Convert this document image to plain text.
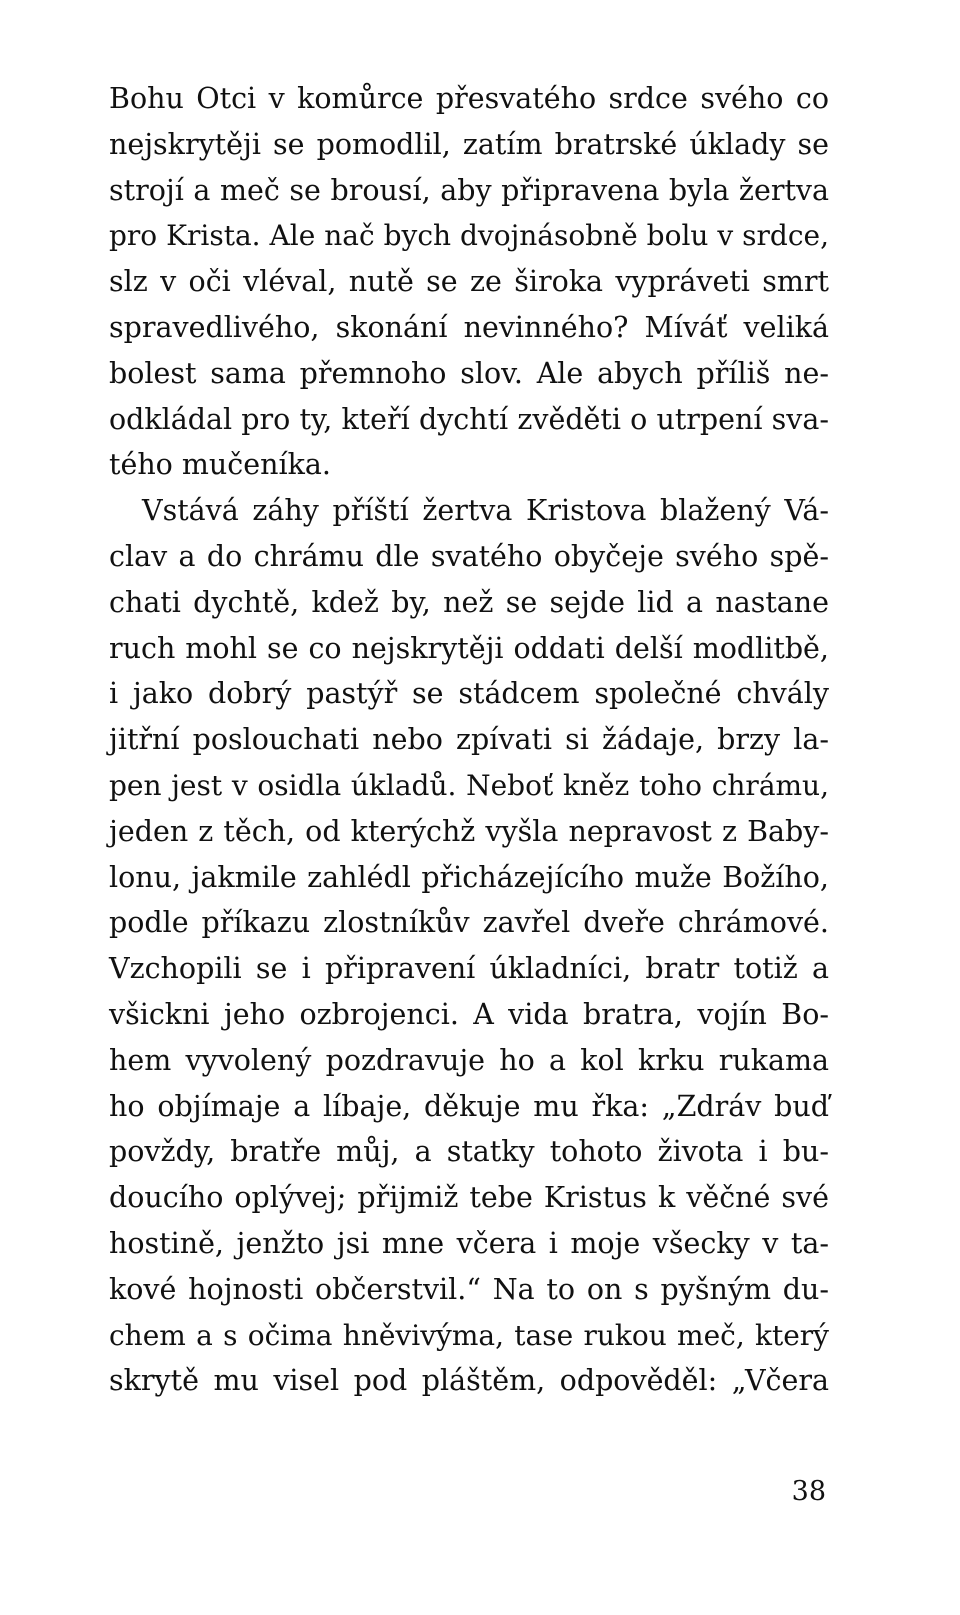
Bohu Otci v komůrce přesvatého srdce svého co
nejskrytěji se pomodlil, zatím bratrské úklady se
strojí a meč se brousí, aby připravena byla žertva
pro Krista. Ale nač bych dvojnásobně bolu v srdce,
slz v oči vléval, nutě se ze široka vypráveti smrt
spravedlivého, skonání nevinného? Míváť veliká
bolest sama přemnoho slov. Ale abych příliš ne‑
odkládal pro ty, kteří dychtí zvěděti o utrpení sva‑
tého mučeníka.
Vstává záhy příští žertva Kristova blažený Vá‑
clav a do chrámu dle svatého obyčeje svého spě‑
chati dychtě, kdež by, než se sejde lid a nastane
ruch mohl se co nejskrytěji oddati delší modlitbě,
i jako dobrý pastýř se stádcem společné chvály
jitřní poslouchati nebo zpívati si žádaje, brzy la‑
pen jest v osidla úkladů. Neboť kněz toho chrámu,
jeden z těch, od kterýchž vyšla nepravost z Baby‑
lonu, jakmile zahlédl přicházejícího muže Božího,
podle příkazu zlostníkův zavřel dveře chrámové.
Vzchopili se i připravení úkladníci, bratr totiž a
všickni jeho ozbrojenci. A vida bratra, vojín Bo‑
hem vyvolený pozdravuje ho a kol krku rukama
ho objímaje a líbaje, děkuje mu řka: „Zdráv buď
povždy, bratře můj, a statky tohoto života i bu‑
doucího oplývej; přijmiž tebe Kristus k věčné své
hostině, jenžto jsi mne včera i moje všecky v ta‑
kové hojnosti občerstvil.“ Na to on s pyšným du‑
chem a s očima hněvivýma, tase rukou meč, který
skrytě mu visel pod pláštěm, odpověděl: „Včera
38
